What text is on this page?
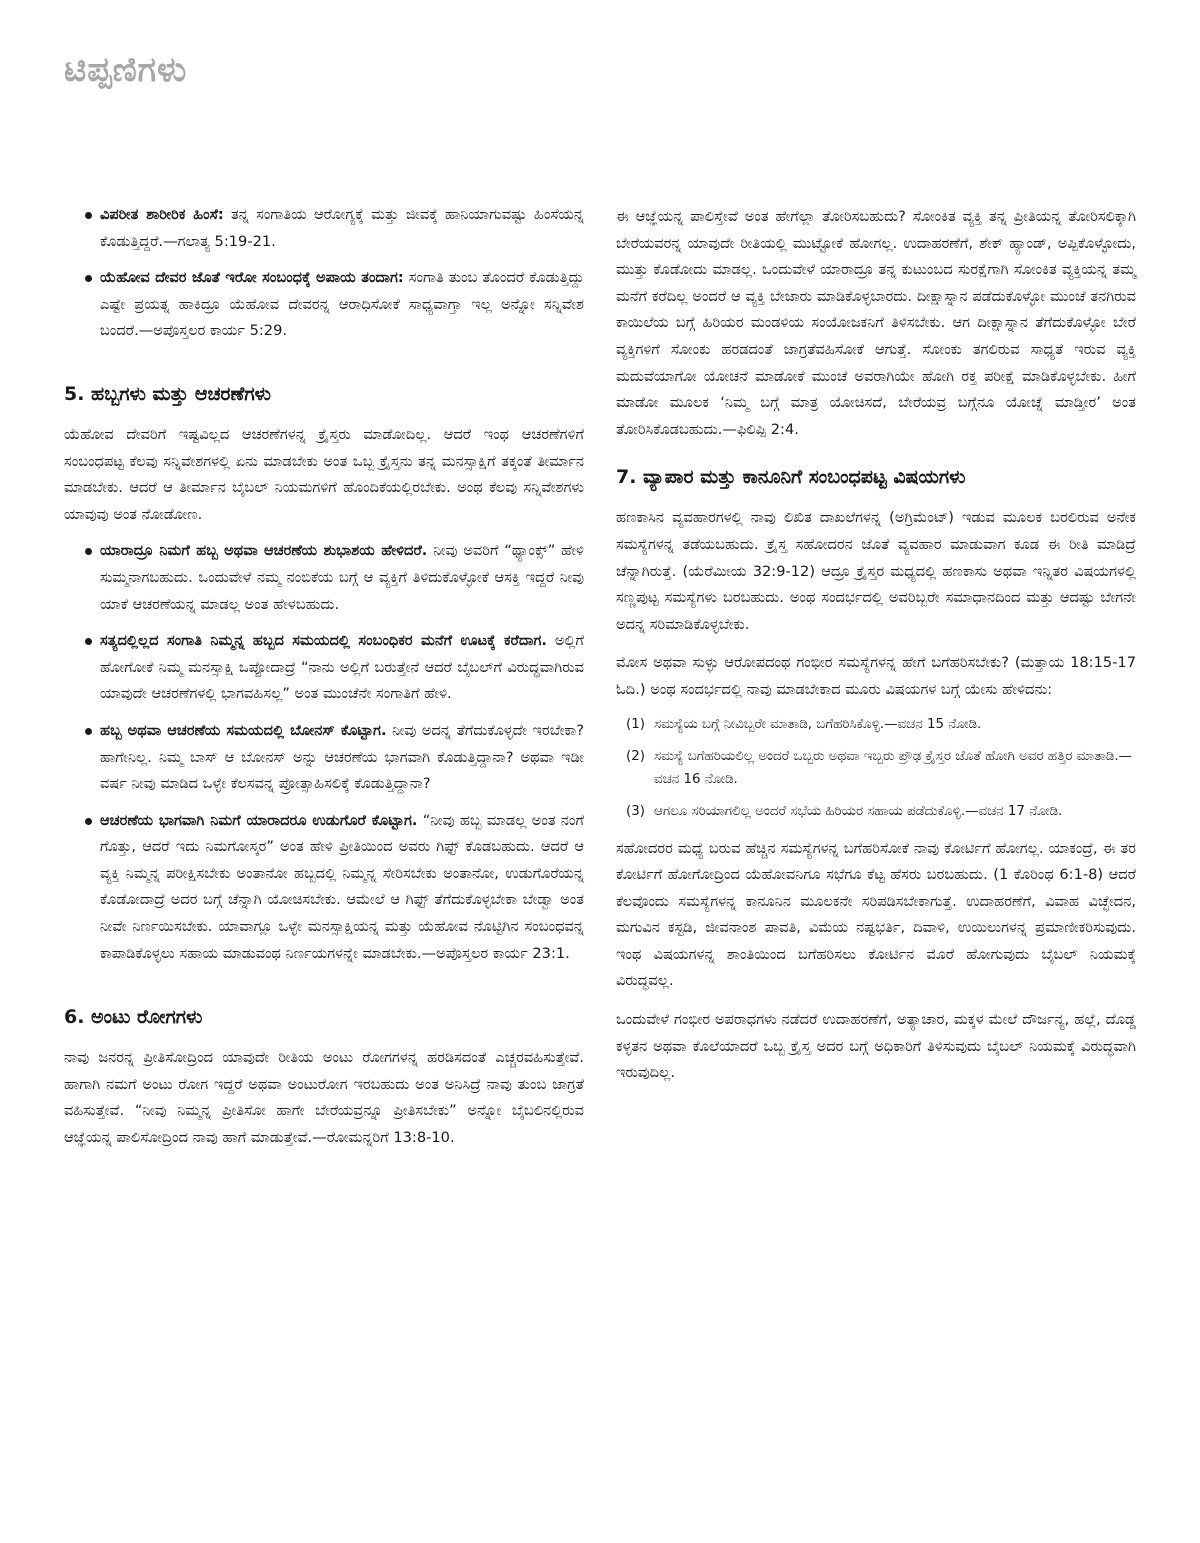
ಟಿಪ್ಪಣಿಗಳು
ವಿಪರೀತ ಶಾರೀರಿಕ ಹಿಂಸೆ: ತನ್ನ ಸಂಗಾತಿಯ ಆರೋಗ್ಯಕ್ಕೆ ಮತ್ತು ಜೀವಕ್ಕೆ ಹಾನಿಯಾಗುವಷ್ಟು ಹಿಂಸೆಯನ್ನ ಕೊಡುತ್ತಿದ್ದರೆ.—ಗಲಾತ್ಯ 5:19-21.
ಯೆಹೋವ ದೇವರ ಜೊತೆ ಇರೋ ಸಂಬಂಧಕ್ಕೆ ಅಪಾಯ ತಂದಾಗ: ಸಂಗಾತಿ ತುಂಬ ತೊಂದರೆ ಕೊಡುತ್ತಿದ್ದು ಎಷ್ಟೇ ಪ್ರಯತ್ನ ಹಾಕಿದ್ರೂ ಯೆಹೋವ ದೇವರನ್ನ ಆರಾಧಿಸೋಕೆ ಸಾಧ್ಯವಾಗ್ತಾ ಇಲ್ಲ ಅನ್ನೋ ಸನ್ನಿವೇಶ ಬಂದರೆ.—ಅಪೊಸ್ತಲರ ಕಾರ್ಯ 5:29.
5. ಹಬ್ಬಗಳು ಮತ್ತು ಆಚರಣೆಗಳು

ಯೆಹೋವ ದೇವರಿಗೆ ಇಷ್ಟವಿಲ್ಲದ ಆಚರಣೆಗಳನ್ನ ಕ್ರೈಸ್ತರು ಮಾಡೋದಿಲ್ಲ. ಆದರೆ ಇಂಥ ಆಚರಣೆಗಳಿಗೆ ಸಂಬಂಧಪಟ್ಟ ಕೆಲವು ಸನ್ನಿವೇಶಗಳಲ್ಲಿ ಏನು ಮಾಡಬೇಕು ಅಂತ ಒಬ್ಬ ಕ್ರೈಸ್ತನು ತನ್ನ ಮನಸ್ಸಾಕ್ಷಿಗೆ ತಕ್ಕಂತೆ ತೀರ್ಮಾನ ಮಾಡಬೇಕು. ಆದರೆ ಆ ತೀರ್ಮಾನ ಬೈಬಲ್‌ ನಿಯಮಗಳಿಗೆ ಹೊಂದಿಕೆಯಲ್ಲಿರಬೇಕು. ಅಂಥ ಕೆಲವು ಸನ್ನಿವೇಶಗಳು ಯಾವುವು ಅಂತ ನೋಡೋಣ.

ಯಾರಾದ್ರೂ ನಿಮಗೆ ಹಬ್ಬ ಅಥವಾ ಆಚರಣೆಯ ಶುಭಾಶಯ ಹೇಳಿದರೆ. ನೀವು ಅವರಿಗೆ “ಥ್ಯಾಂಕ್ಸ್‌” ಹೇಳಿ ಸುಮ್ಮನಾಗಬಹುದು. ಒಂದುವೇಳೆ ನಮ್ಮ ನಂಬಿಕೆಯ ಬಗ್ಗೆ ಆ ವ್ಯಕ್ತಿಗೆ ತಿಳಿದುಕೊಳ್ಳೋಕೆ ಆಸಕ್ತಿ ಇದ್ದರೆ ನೀವು ಯಾಕೆ ಆಚರಣೆಯನ್ನ ಮಾಡಲ್ಲ ಅಂತ ಹೇಳಬಹುದು.
ಸತ್ಯದಲ್ಲಿಲ್ಲದ ಸಂಗಾತಿ ನಿಮ್ಮನ್ನ ಹಬ್ಬದ ಸಮಯದಲ್ಲಿ ಸಂಬಂಧಿಕರ ಮನೆಗೆ ಊಟಕ್ಕೆ ಕರೆದಾಗ. ಅಲ್ಲಿಗೆ ಹೋಗೋಕೆ ನಿಮ್ಮ ಮನಸ್ಸಾಕ್ಷಿ ಒಪ್ಪೋದಾದ್ರೆ “ನಾನು ಅಲ್ಲಿಗೆ ಬರುತ್ತೇನೆ ಆದರೆ ಬೈಬಲ್‌ಗೆ ವಿರುದ್ಧವಾಗಿರುವ ಯಾವುದೇ ಆಚರಣೆಗಳಲ್ಲಿ ಭಾಗವಹಿಸಲ್ಲ” ಅಂತ ಮುಂಚೆನೇ ಸಂಗಾತಿಗೆ ಹೇಳಿ.
ಹಬ್ಬ ಅಥವಾ ಆಚರಣೆಯ ಸಮಯದಲ್ಲಿ ಬೋನಸ್‌ ಕೊಟ್ಟಾಗ. ನೀವು ಅದನ್ನ ತೆಗೆದುಕೊಳ್ಳದೇ ಇರಬೇಕಾ? ಹಾಗೇನಿಲ್ಲ. ನಿಮ್ಮ ಬಾಸ್‌ ಆ ಬೋನಸ್‌ ಅನ್ನು ಆಚರಣೆಯ ಭಾಗವಾಗಿ ಕೊಡುತ್ತಿದ್ದಾನಾ? ಅಥವಾ ಇಡೀ ವರ್ಷ ನೀವು ಮಾಡಿದ ಒಳ್ಳೇ ಕೆಲಸವನ್ನ ಪ್ರೋತ್ಸಾಹಿಸಲಿಕ್ಕೆ ಕೊಡುತ್ತಿದ್ದಾನಾ?
ಆಚರಣೆಯ ಭಾಗವಾಗಿ ನಿಮಗೆ ಯಾರಾದರೂ ಉಡುಗೊರೆ ಕೊಟ್ಟಾಗ. “ನೀವು ಹಬ್ಬ ಮಾಡಲ್ಲ ಅಂತ ನಂಗೆ ಗೊತ್ತು, ಆದರೆ ಇದು ನಿಮಗೋಸ್ಕರ” ಅಂತ ಹೇಳಿ ಪ್ರೀತಿಯಿಂದ ಅವರು ಗಿಫ್ಟ್‌ ಕೊಡಬಹುದು. ಆದರೆ ಆ ವ್ಯಕ್ತಿ ನಿಮ್ಮನ್ನ ಪರೀಕ್ಷಿಸಬೇಕು ಅಂತಾನೋ ಹಬ್ಬದಲ್ಲಿ ನಿಮ್ಮನ್ನ ಸೇರಿಸಬೇಕು ಅಂತಾನೋ, ಉಡುಗೊರೆಯನ್ನ ಕೊಡೋದಾದ್ರೆ ಅದರ ಬಗ್ಗೆ ಚೆನ್ನಾಗಿ ಯೋಚಿಸಬೇಕು. ಆಮೇಲೆ ಆ ಗಿಫ್ಟ್‌ ತೆಗೆದುಕೊಳ್ಳಬೇಕಾ ಬೇಡ್ವಾ ಅಂತ ನೀವೇ ನಿರ್ಣಯಿಸಬೇಕು. ಯಾವಾಗ್ಲೂ ಒಳ್ಳೇ ಮನಸ್ಸಾಕ್ಷಿಯನ್ನ ಮತ್ತು ಯೆಹೋವ ನೊಟ್ಟಿಗಿನ ಸಂಬಂಧವನ್ನ ಕಾಪಾಡಿಕೊಳ್ಳಲು ಸಹಾಯ ಮಾಡುವಂಥ ನಿರ್ಣಯಗಳನ್ನೇ ಮಾಡಬೇಕು.—ಅಪೊಸ್ತಲರ ಕಾರ್ಯ 23:1.
6. ಅಂಟು ರೋಗಗಳು

ನಾವು ಜನರನ್ನ ಪ್ರೀತಿಸೋದ್ರಿಂದ ಯಾವುದೇ ರೀತಿಯ ಅಂಟು ರೋಗಗಳನ್ನ ಹರಡಿಸದಂತೆ ಎಚ್ಚರವಹಿಸುತ್ತೇವೆ. ಹಾಗಾಗಿ ನಮಗೆ ಅಂಟು ರೋಗ ಇದ್ದರೆ ಅಥವಾ ಅಂಟುರೋಗ ಇರಬಹುದು ಅಂತ ಅನಿಸಿದ್ರೆ ನಾವು ತುಂಬ ಜಾಗ್ರತೆ ವಹಿಸುತ್ತೇವೆ. “ನೀವು ನಿಮ್ಮನ್ನ ಪ್ರೀತಿಸೋ ಹಾಗೇ ಬೇರೆಯವ್ರನ್ನೂ ಪ್ರೀತಿಸಬೇಕು” ಅನ್ನೋ ಬೈಬಲಿನಲ್ಲಿರುವ ಆಜ್ಞೆಯನ್ನ ಪಾಲಿಸೋದ್ರಿಂದ ನಾವು ಹಾಗೆ ಮಾಡುತ್ತೇವೆ.—ರೋಮನ್ನರಿಗೆ 13:8-10.

ಈ ಆಜ್ಞೆಯನ್ನ ಪಾಲಿಸ್ತೇವೆ ಅಂತ ಹೇಗೆಲ್ಲಾ ತೋರಿಸಬಹುದು? ಸೋಂಕಿತ ವ್ಯಕ್ತಿ ತನ್ನ ಪ್ರೀತಿಯನ್ನ ತೋರಿಸಲಿಕ್ಕಾಗಿ ಬೇರೆಯವರನ್ನ ಯಾವುದೇ ರೀತಿಯಲ್ಲಿ ಮುಟ್ಟೋಕೆ ಹೋಗಲ್ಲ. ಉದಾಹರಣೆಗೆ, ಶೇಕ್‌ ಹ್ಯಾಂಡ್‌, ಅಪ್ಪಿಕೊಳ್ಳೋದು, ಮುತ್ತು ಕೊಡೋದು ಮಾಡಲ್ಲ. ಒಂದುವೇಳೆ ಯಾರಾದ್ರೂ ತನ್ನ ಕುಟುಂಬದ ಸುರಕ್ಷೆಗಾಗಿ ಸೋಂಕಿತ ವ್ಯಕ್ತಿಯನ್ನ ತಮ್ಮ ಮನೆಗೆ ಕರೆದಿಲ್ಲ ಅಂದರೆ ಆ ವ್ಯಕ್ತಿ ಬೇಜಾರು ಮಾಡಿಕೊಳ್ಳಬಾರದು. ದೀಕ್ಷಾಸ್ನಾನ ಪಡೆದುಕೊಳ್ಳೋ ಮುಂಚೆ ತನಗಿರುವ ಕಾಯಿಲೆಯ ಬಗ್ಗೆ ಹಿರಿಯರ ಮಂಡಳಿಯ ಸಂಯೋಜಕನಿಗೆ ತಿಳಿಸಬೇಕು. ಆಗ ದೀಕ್ಷಾಸ್ನಾನ ತೆಗೆದುಕೊಳ್ಳೋ ಬೇರೆ ವ್ಯಕ್ತಿಗಳಿಗೆ ಸೋಂಕು ಹರಡದಂತೆ ಜಾಗ್ರತೆವಹಿಸೋಕೆ ಆಗುತ್ತೆ. ಸೋಂಕು ತಗಲಿರುವ ಸಾಧ್ಯತೆ ಇರುವ ವ್ಯಕ್ತಿ ಮದುವೆಯಾಗೋ ಯೋಚನೆ ಮಾಡೋಕೆ ಮುಂಚೆ ಅವರಾಗಿಯೇ ಹೋಗಿ ರಕ್ತ ಪರೀಕ್ಷೆ ಮಾಡಿಕೊಳ್ಳಬೇಕು. ಹೀಗೆ ಮಾಡೋ ಮೂಲಕ ‘ನಿಮ್ಮ ಬಗ್ಗೆ ಮಾತ್ರ ಯೋಚಿಸದೆ, ಬೇರೆಯವ್ರ ಬಗ್ಗೆನೂ ಯೋಚ್ನೆ ಮಾಡ್ತೀರ’ ಅಂತ ತೋರಿಸಿಕೊಡಬಹುದು.—ಫಿಲಿಪ್ಪಿ 2:4.

7. ವ್ಯಾಪಾರ ಮತ್ತು ಕಾನೂನಿಗೆ ಸಂಬಂಧಪಟ್ಟ ವಿಷಯಗಳು

ಹಣಕಾಸಿನ ವ್ಯವಹಾರಗಳಲ್ಲಿ ನಾವು ಲಿಖಿತ ದಾಖಲೆಗಳನ್ನ (ಅಗ್ರಿಮೆಂಟ್‌) ಇಡುವ ಮೂಲಕ ಬರಲಿರುವ ಅನೇಕ ಸಮಸ್ಯೆಗಳನ್ನ ತಡೆಯಬಹುದು. ಕ್ರೈಸ್ತ ಸಹೋದರನ ಜೊತೆ ವ್ಯವಹಾರ ಮಾಡುವಾಗ ಕೂಡ ಈ ರೀತಿ ಮಾಡಿದ್ರೆ ಚೆನ್ನಾಗಿರುತ್ತೆ. (ಯೆರೆಮೀಯ 32:9-12) ಆದ್ರೂ ಕ್ರೈಸ್ತರ ಮಧ್ಯದಲ್ಲಿ ಹಣಕಾಸು ಅಥವಾ ಇನ್ನಿತರ ವಿಷಯಗಳಲ್ಲಿ ಸಣ್ಣಪುಟ್ಟ ಸಮಸ್ಯೆಗಳು ಬರಬಹುದು. ಅಂಥ ಸಂದರ್ಭದಲ್ಲಿ ಅವರಿಬ್ಬರೇ ಸಮಾಧಾನದಿಂದ ಮತ್ತು ಆದಷ್ಟು ಬೇಗನೇ ಅದನ್ನ ಸರಿಮಾಡಿಕೊಳ್ಳಬೇಕು.

ಮೋಸ ಅಥವಾ ಸುಳ್ಳು ಆರೋಪದಂಥ ಗಂಭೀರ ಸಮಸ್ಯೆಗಳನ್ನ ಹೇಗೆ ಬಗೆಹರಿಸಬೇಕು? (ಮತ್ತಾಯ 18:15-17 ಓದಿ.) ಅಂಥ ಸಂದರ್ಭದಲ್ಲಿ ನಾವು ಮಾಡಬೇಕಾದ ಮೂರು ವಿಷಯಗಳ ಬಗ್ಗೆ ಯೇಸು ಹೇಳಿದನು:

(1) ಸಮಸ್ಯೆಯ ಬಗ್ಗೆ ನೀವಿಬ್ಬರೇ ಮಾತಾಡಿ, ಬಗೆಹರಿಸಿಕೊಳ್ಳಿ.—ವಚನ 15 ನೋಡಿ.
(2) ಸಮಸ್ಯೆ ಬಗೆಹರಿಯಲಿಲ್ಲ ಅಂದರೆ ಒಬ್ಬರು ಅಥವಾ ಇಬ್ಬರು ಪ್ರೌಢ ಕ್ರೈಸ್ತರ ಜೊತೆ ಹೋಗಿ ಅವರ ಹತ್ತಿರ ಮಾತಾಡಿ.—ವಚನ 16 ನೋಡಿ.
(3) ಆಗಲೂ ಸರಿಯಾಗಲಿಲ್ಲ ಅಂದರೆ ಸಭೆಯ ಹಿರಿಯರ ಸಹಾಯ ಪಡೆದುಕೊಳ್ಳಿ.—ವಚನ 17 ನೋಡಿ.

ಸಹೋದರರ ಮಧ್ಯೆ ಬರುವ ಹೆಚ್ಚಿನ ಸಮಸ್ಯೆಗಳನ್ನ ಬಗೆಹರಿಸೋಕೆ ನಾವು ಕೋರ್ಟಿಗೆ ಹೋಗಲ್ಲ. ಯಾಕಂದ್ರೆ, ಈ ತರ ಕೋರ್ಟಿಗೆ ಹೋಗೋದ್ರಿಂದ ಯೆಹೋವನಿಗೂ ಸಭೆಗೂ ಕೆಟ್ಟ ಹೆಸರು ಬರಬಹುದು. (1 ಕೊರಿಂಥ 6:1-8) ಆದರೆ ಕೆಲವೊಂದು ಸಮಸ್ಯೆಗಳನ್ನ ಕಾನೂನಿನ ಮೂಲಕನೇ ಸರಿಪಡಿಸಬೇಕಾಗುತ್ತೆ. ಉದಾಹರಣೆಗೆ, ವಿವಾಹ ವಿಚ್ಛೇದನ, ಮಗುವಿನ ಕಸ್ಟಡಿ, ಜೀವನಾಂಶ ಪಾವತಿ, ವಿಮೆಯ ನಷ್ಟಭರ್ತಿ, ದಿವಾಳಿ, ಉಯಿಲುಗಳನ್ನ ಪ್ರಮಾಣೀಕರಿಸುವುದು. ಇಂಥ ವಿಷಯಗಳನ್ನ ಶಾಂತಿಯಿಂದ ಬಗೆಹರಿಸಲು ಕೋರ್ಟಿನ ಮೊರೆ ಹೋಗುವುದು ಬೈಬಲ್‌ ನಿಯಮಕ್ಕೆ ವಿರುದ್ಧವಲ್ಲ.

ಒಂದುವೇಳೆ ಗಂಭೀರ ಅಪರಾಧಗಳು ನಡೆದರೆ ಉದಾಹರಣೆಗೆ, ಅತ್ಯಾಚಾರ, ಮಕ್ಕಳ ಮೇಲೆ ದೌರ್ಜನ್ಯ, ಹಲ್ಲೆ, ದೊಡ್ಡ ಕಳ್ಳತನ ಅಥವಾ ಕೊಲೆಯಾದರೆ ಒಬ್ಬ ಕ್ರೈಸ್ತ ಅದರ ಬಗ್ಗೆ ಅಧಿಕಾರಿಗೆ ತಿಳಿಸುವುದು ಬೈಬಲ್‌ ನಿಯಮಕ್ಕೆ ವಿರುದ್ಧವಾಗಿ ಇರುವುದಿಲ್ಲ.
